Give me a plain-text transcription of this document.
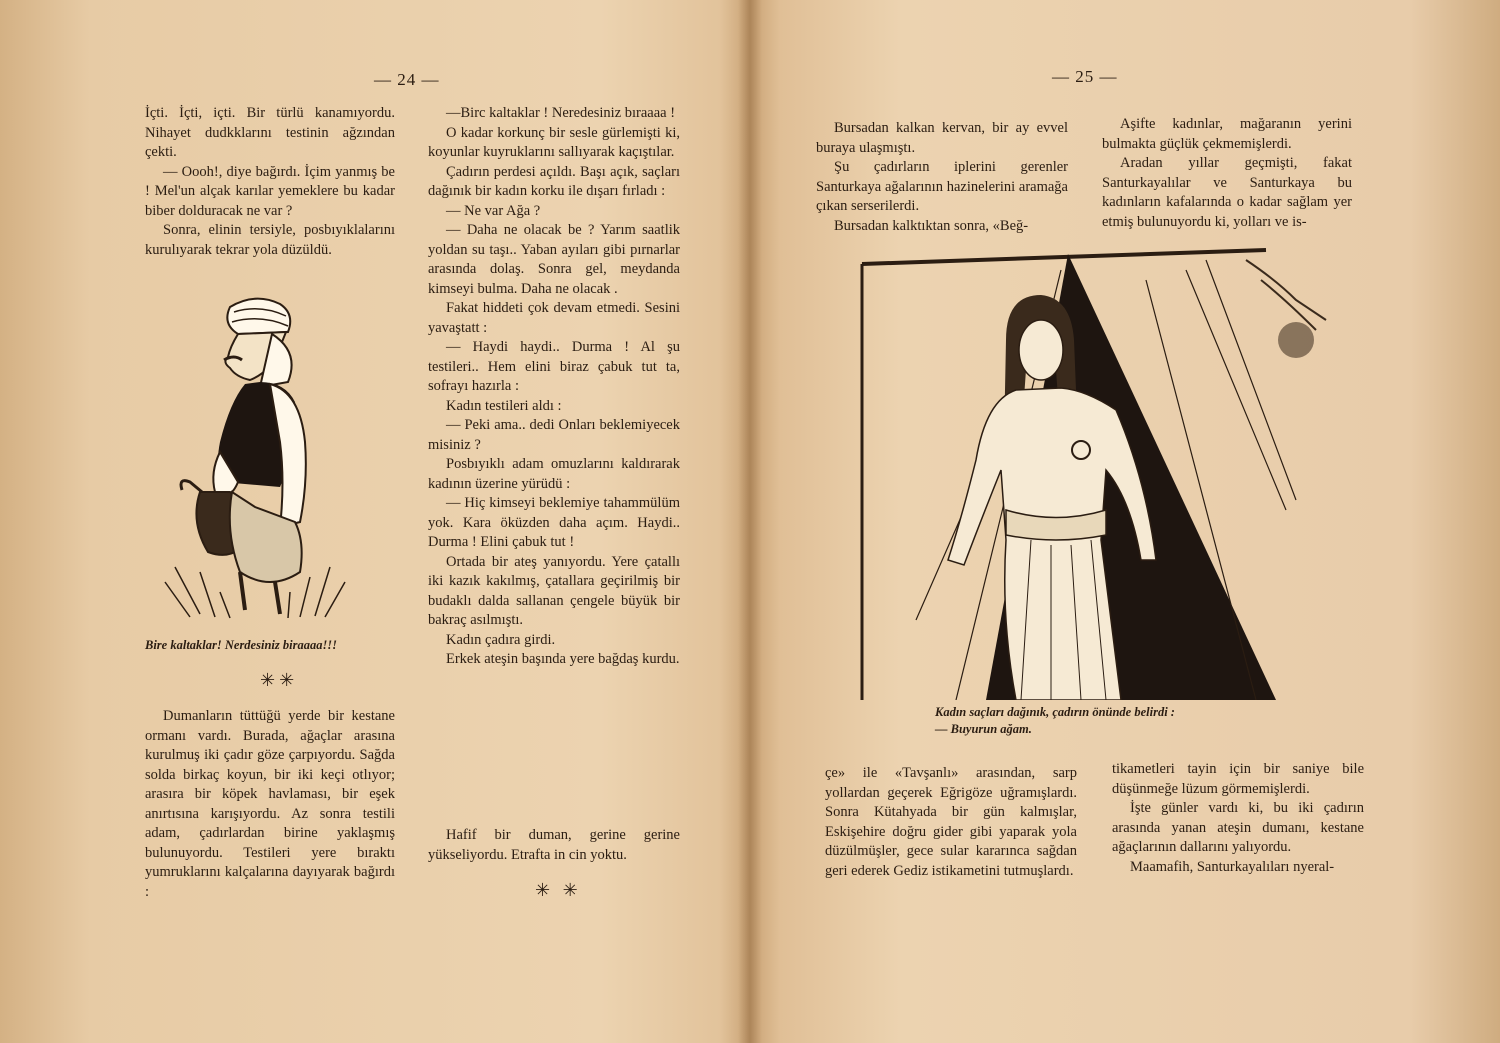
— 24 —

İçti. İçti, içti. Bir türlü kanamıyordu. Nihayet dudkklarını testinin ağzından çekti.

— Oooh!, diye bağırdı. İçim yanmış be ! Mel'un alçak karılar yemeklere bu kadar biber dolduracak ne var ?

Sonra, elinin tersiyle, posbıyıklalarını kurulıyarak tekrar yola düzüldü.

Bire kaltaklar! Nerdesiniz biraaaa!!!
✳✳

Dumanların tüttüğü yerde bir kestane ormanı vardı. Burada, ağaçlar arasına kurulmuş iki çadır göze çarpıyordu. Sağda solda birkaç koyun, bir iki keçi otlıyor; arasıra bir köpek havlaması, bir eşek anırtısına karışıyordu. Az sonra testili adam, çadırlardan birine yaklaşmış bulunuyordu. Testileri yere bıraktı yumruklarını kalçalarına dayıyarak bağırdı :

—Birc kaltaklar ! Neredesiniz bıraaaa !

O kadar korkunç bir sesle gürlemişti ki, koyunlar kuyruklarını sallıyarak kaçıştılar.

Çadırın perdesi açıldı. Başı açık, saçları dağınık bir kadın korku ile dışarı fırladı :

— Ne var Ağa ?

— Daha ne olacak be ? Yarım saatlik yoldan su taşı.. Yaban ayıları gibi pırnarlar arasında dolaş. Sonra gel, meydanda kimseyi bulma. Daha ne olacak .

Fakat hiddeti çok devam etmedi. Sesini yavaştatt :

— Haydi haydi.. Durma ! Al şu testileri.. Hem elini biraz çabuk tut ta, sofrayı hazırla :

Kadın testileri aldı :

— Peki ama.. dedi Onları beklemiyecek misiniz ?

Posbıyıklı adam omuzlarını kaldırarak kadının üzerine yürüdü :

— Hiç kimseyi beklemiye tahammülüm yok. Kara öküzden daha açım. Haydi.. Durma ! Elini çabuk tut !

Ortada bir ateş yanıyordu. Yere çatallı iki kazık kakılmış, çatallara geçirilmiş bir budaklı dalda sallanan çengele büyük bir bakraç asılmıştı.

Kadın çadıra girdi.

Erkek ateşin başında yere bağdaş kurdu.

Hafif bir duman, gerine gerine yükseliyordu. Etrafta in cin yoktu.

✳ ✳
— 25 —

Bursadan kalkan kervan, bir ay evvel buraya ulaşmıştı.

Şu çadırların iplerini gerenler Santurkaya ağalarının hazinelerini aramağa çıkan serserilerdi.

Bursadan kalktıktan sonra, «Beğ-

Aşifte kadınlar, mağaranın yerini bulmakta güçlük çekmemişlerdi.

Aradan yıllar geçmişti, fakat Santurkayalılar ve Santurkaya bu kadınların kafalarında o kadar sağlam yer etmiş bulunuyordu ki, yolları ve is-

Kadın saçları dağınık, çadırın önünde belirdi :
— Buyurun ağam.

çe» ile «Tavşanlı» arasından, sarp yollardan geçerek Eğrigöze uğramışlardı. Sonra Kütahyada bir gün kalmışlar, Eskişehire doğru gider gibi yaparak yola düzülmüşler, gece sular kararınca sağdan geri ederek Gediz istikametini tutmuşlardı.

tikametleri tayin için bir saniye bile düşünmeğe lüzum görmemişlerdi.

İşte günler vardı ki, bu iki çadırın arasında yanan ateşin dumanı, kestane ağaçlarının dallarını yalıyordu.

Maamafih, Santurkayalıları nyeral-
